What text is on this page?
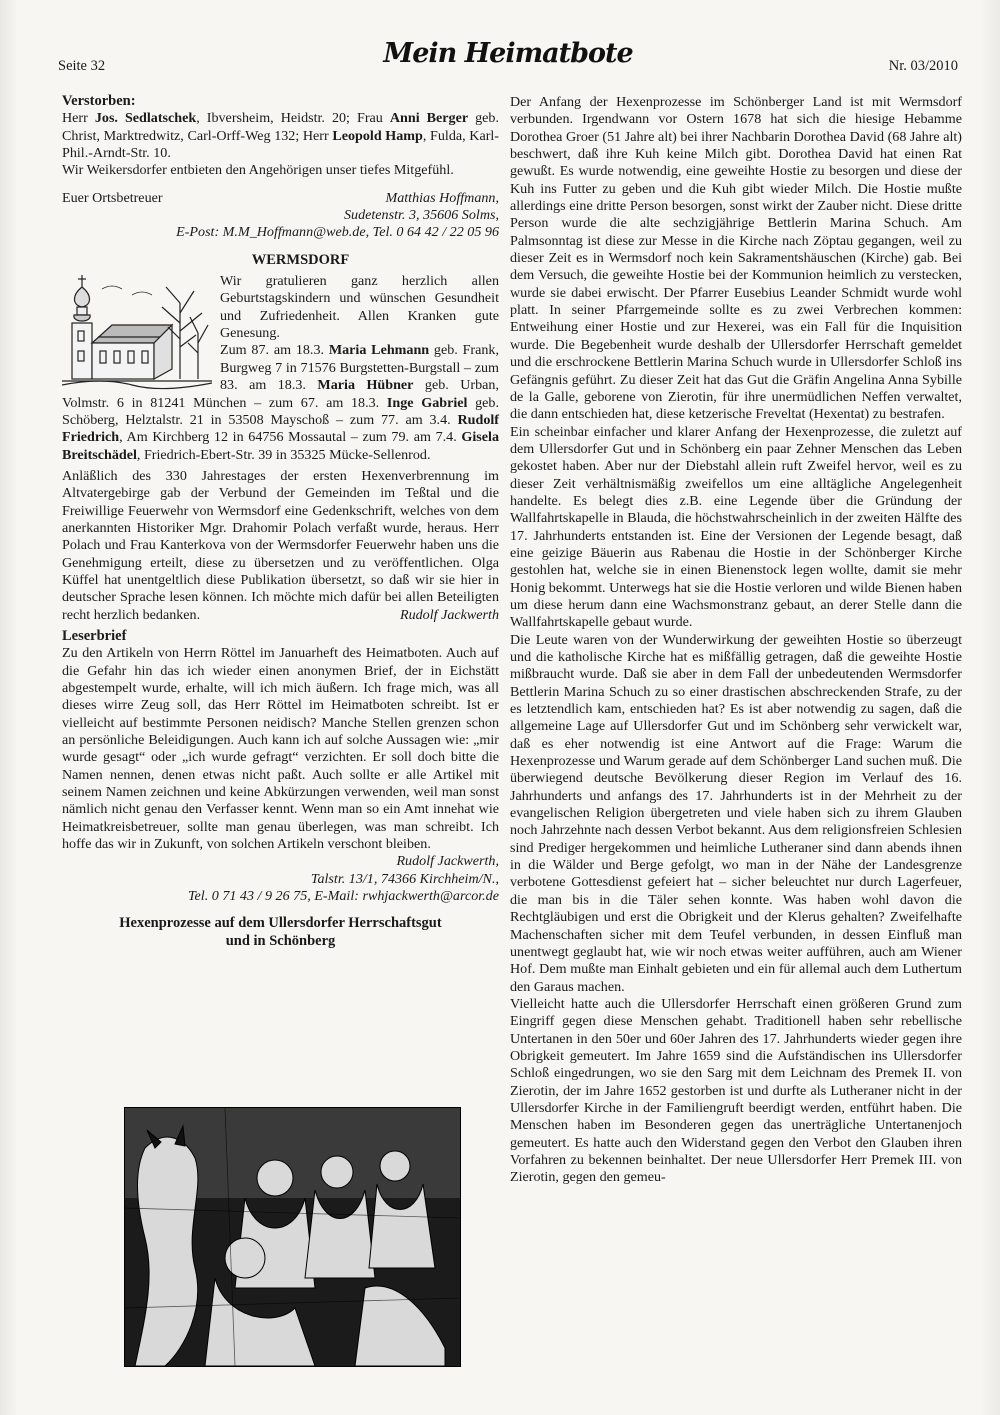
Seite 32	Mein Heimatbote	Nr. 03/2010

Verstorben:

Herr Jos. Sedlatschek, Ibversheim, Heidstr. 20; Frau Anni Berger geb. Christ, Marktredwitz, Carl-Orff-Weg 132; Herr Leopold Hamp, Fulda, Karl-Phil.-Arndt-Str. 10.

Wir Weikersdorfer entbieten den Angehörigen unser tiefes Mitgefühl.

Euer Ortsbetreuer	Matthias Hoffmann,

Sudetenstr. 3, 35606 Solms,

E-Post: M.M_Hoffmann@web.de, Tel. 0 64 42 / 22 05 96

WERMSDORF

Wir gratulieren ganz herzlich allen Geburtstagskindern und wünschen Gesundheit und Zufriedenheit. Allen Kranken gute Genesung.

Zum 87. am 18.3. Maria Lehmann geb. Frank, Burgweg 7 in 71576 Burgstetten-Burgstall – zum 83. am 18.3. Maria Hübner geb. Urban, Volmstr. 6 in 81241 München – zum 67. am 18.3. Inge Gabriel geb. Schöberg, Helztalstr. 21 in 53508 Mayschoß – zum 77. am 3.4. Rudolf Friedrich, Am Kirchberg 12 in 64756 Mossautal – zum 79. am 7.4. Gisela Breitschädel, Friedrich-Ebert-Str. 39 in 35325 Mücke-Sellenrod.

Anläßlich des 330 Jahrestages der ersten Hexenverbrennung im Altvatergebirge gab der Verbund der Gemeinden im Teßtal und die Freiwillige Feuerwehr von Wermsdorf eine Gedenkschrift, welches von dem anerkannten Historiker Mgr. Drahomir Polach verfaßt wurde, heraus. Herr Polach und Frau Kanterkova von der Wermsdorfer Feuerwehr haben uns die Genehmigung erteilt, diese zu übersetzen und zu veröffentlichen. Olga Küffel hat unentgeltlich diese Publikation übersetzt, so daß wir sie hier in deutscher Sprache lesen können. Ich möchte mich dafür bei allen Beteiligten recht herzlich bedanken.	Rudolf Jackwerth

Leserbrief

Zu den Artikeln von Herrn Röttel im Januarheft des Heimatboten. Auch auf die Gefahr hin das ich wieder einen anonymen Brief, der in Eichstätt abgestempelt wurde, erhalte, will ich mich äußern. Ich frage mich, was all dieses wirre Zeug soll, das Herr Röttel im Heimatboten schreibt. Ist er vielleicht auf bestimmte Personen neidisch? Manche Stellen grenzen schon an persönliche Beleidigungen. Auch kann ich auf solche Aussagen wie: „mir wurde gesagt“ oder „ich wurde gefragt“ verzichten. Er soll doch bitte die Namen nennen, denen etwas nicht paßt. Auch sollte er alle Artikel mit seinem Namen zeichnen und keine Abkürzungen verwenden, weil man sonst nämlich nicht genau den Verfasser kennt. Wenn man so ein Amt innehat wie Heimatkreisbetreuer, sollte man genau überlegen, was man schreibt. Ich hoffe das wir in Zukunft, von solchen Artikeln verschont bleiben.
Rudolf Jackwerth,

Talstr. 13/1, 74366 Kirchheim/N.,

Tel. 0 71 43 / 9 26 75, E-Mail: rwhjackwerth@arcor.de

Hexenprozesse auf dem Ullersdorfer Herrschaftsgut

und in Schönberg

Der Anfang der Hexenprozesse im Schönberger Land ist mit Wermsdorf verbunden. Irgendwann vor Ostern 1678 hat sich die hiesige Hebamme Dorothea Groer (51 Jahre alt) bei ihrer Nachbarin Dorothea David (68 Jahre alt) beschwert, daß ihre Kuh keine Milch gibt. Dorothea David hat einen Rat gewußt. Es wurde notwendig, eine geweihte Hostie zu besorgen und diese der Kuh ins Futter zu geben und die Kuh gibt wieder Milch. Die Hostie mußte allerdings eine dritte Person besorgen, sonst wirkt der Zauber nicht. Diese dritte Person wurde die alte sechzigjährige Bettlerin Marina Schuch. Am Palmsonntag ist diese zur Messe in die Kirche nach Zöptau gegangen, weil zu dieser Zeit es in Wermsdorf noch kein Sakramentshäuschen (Kirche) gab. Bei dem Versuch, die geweihte Hostie bei der Kommunion heimlich zu verstecken, wurde sie dabei erwischt. Der Pfarrer Eusebius Leander Schmidt wurde wohl platt. In seiner Pfarrgemeinde sollte es zu zwei Verbrechen kommen: Entweihung einer Hostie und zur Hexerei, was ein Fall für die Inquisition wurde. Die Begebenheit wurde deshalb der Ullersdorfer Herrschaft gemeldet und die erschrockene Bettlerin Marina Schuch wurde in Ullersdorfer Schloß ins Gefängnis geführt. Zu dieser Zeit hat das Gut die Gräfin Angelina Anna Sybille de la Galle, geborene von Zierotin, für ihre unermüdlichen Neffen verwaltet, die dann entschieden hat, diese ketzerische Freveltat (Hexentat) zu bestrafen.

Ein scheinbar einfacher und klarer Anfang der Hexenprozesse, die zuletzt auf dem Ullersdorfer Gut und in Schönberg ein paar Zehner Menschen das Leben gekostet haben. Aber nur der Diebstahl allein ruft Zweifel hervor, weil es zu dieser Zeit verhältnismäßig zweifellos um eine alltägliche Angelegenheit handelte. Es belegt dies z.B. eine Legende über die Gründung der Wallfahrtskapelle in Blauda, die höchstwahrscheinlich in der zweiten Hälfte des 17. Jahrhunderts entstanden ist. Eine der Versionen der Legende besagt, daß eine geizige Bäuerin aus Rabenau die Hostie in der Schönberger Kirche gestohlen hat, welche sie in einen Bienenstock legen wollte, damit sie mehr Honig bekommt. Unterwegs hat sie die Hostie verloren und wilde Bienen haben um diese herum dann eine Wachsmonstranz gebaut, an derer Stelle dann die Wallfahrtskapelle gebaut wurde.

Die Leute waren von der Wunderwirkung der geweihten Hostie so überzeugt und die katholische Kirche hat es mißfällig getragen, daß die geweihte Hostie mißbraucht wurde. Daß sie aber in dem Fall der unbedeutenden Wermsdorfer Bettlerin Marina Schuch zu so einer drastischen abschreckenden Strafe, zu der es letztendlich kam, entschieden hat? Es ist aber notwendig zu sagen, daß die allgemeine Lage auf Ullersdorfer Gut und im Schönberg sehr verwickelt war, daß es eher notwendig ist eine Antwort auf die Frage: Warum die Hexenprozesse und Warum gerade auf dem Schönberger Land suchen muß. Die überwiegend deutsche Bevölkerung dieser Region im Verlauf des 16. Jahrhunderts und anfangs des 17. Jahrhunderts ist in der Mehrheit zu der evangelischen Religion übergetreten und viele haben sich zu ihrem Glauben noch Jahrzehnte nach dessen Verbot bekannt. Aus dem religionsfreien Schlesien sind Prediger hergekommen und heimliche Lutheraner sind dann abends ihnen in die Wälder und Berge gefolgt, wo man in der Nähe der Landesgrenze verbotene Gottesdienst gefeiert hat – sicher beleuchtet nur durch Lagerfeuer, die man bis in die Täler sehen konnte. Was haben wohl davon die Rechtgläubigen und erst die Obrigkeit und der Klerus gehalten? Zweifelhafte Machenschaften sicher mit dem Teufel verbunden, in dessen Einfluß man unentwegt geglaubt hat, wie wir noch etwas weiter aufführen, auch am Wiener Hof. Dem mußte man Einhalt gebieten und ein für allemal auch dem Luthertum den Garaus machen.

Vielleicht hatte auch die Ullersdorfer Herrschaft einen größeren Grund zum Eingriff gegen diese Menschen gehabt. Traditionell haben sehr rebellische Untertanen in den 50er und 60er Jahren des 17. Jahrhunderts wieder gegen ihre Obrigkeit gemeutert. Im Jahre 1659 sind die Aufständischen ins Ullersdorfer Schloß eingedrungen, wo sie den Sarg mit dem Leichnam des Premek II. von Zierotin, der im Jahre 1652 gestorben ist und durfte als Lutheraner nicht in der Ullersdorfer Kirche in der Familiengruft beerdigt werden, entführt haben. Die Menschen haben im Besonderen gegen das unerträgliche Untertanenjoch gemeutert. Es hatte auch den Widerstand gegen den Verbot den Glauben ihren Vorfahren zu bekennen beinhaltet. Der neue Ullersdorfer Herr Premek III. von Zierotin, gegen den gemeu-
